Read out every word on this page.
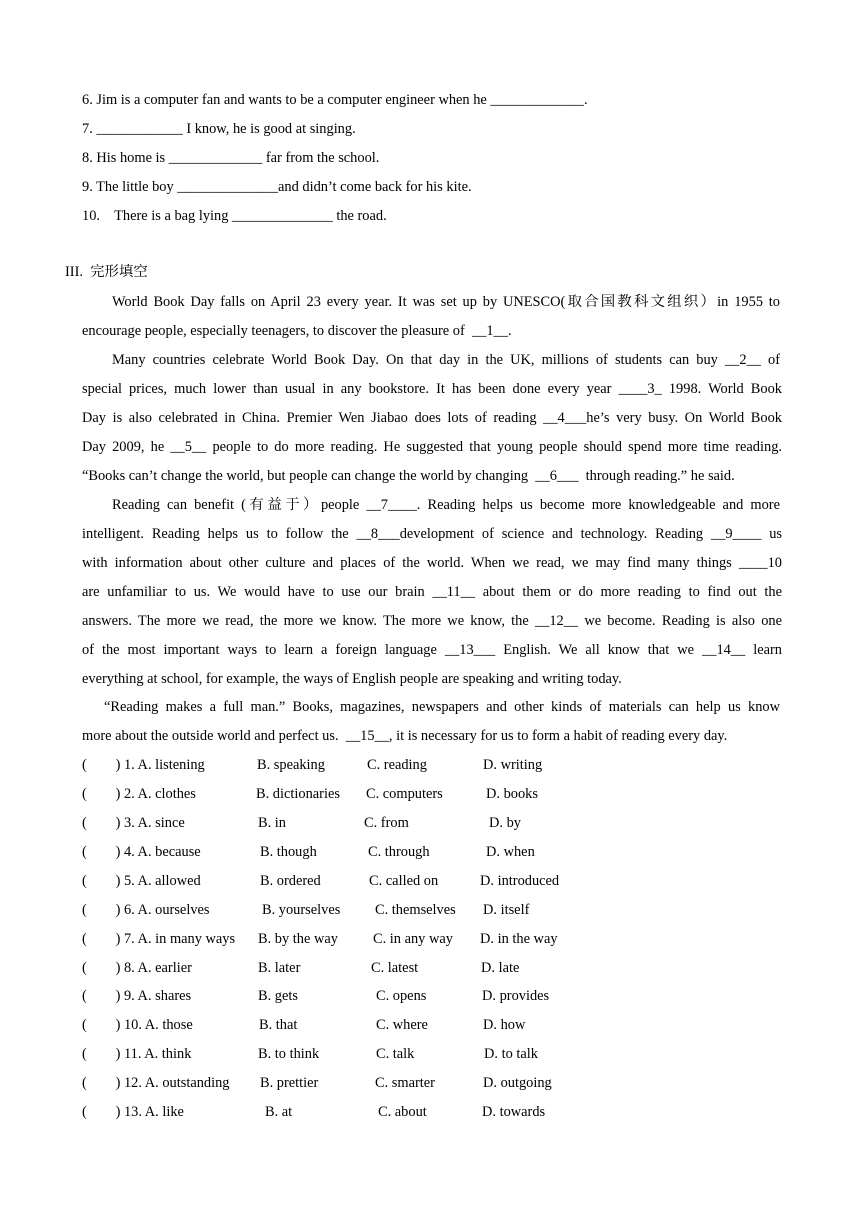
6. Jim is a computer fan and wants to be a computer engineer when he _____________.
7. ____________ I know, he is good at singing.
8. His home is _____________ far from the school.
9. The little boy ______________and didn’t come back for his kite.
10.    There is a bag lying ______________ the road.
III.  完形填空
World Book Day falls on April 23 every year. It was set up by UNESCO(取合国教科文组织）in 1955 to
encourage people, especially teenagers, to discover the pleasure of  __1__.
Many countries celebrate World Book Day. On that day in the UK, millions of students can buy __2__ of
special prices, much lower than usual in any bookstore. It has been done every year ____3_ 1998. World Book
Day is also celebrated in China. Premier Wen Jiabao does lots of reading __4___he’s very busy. On World Book
Day 2009, he __5__ people to do more reading. He suggested that young people should spend more time reading.
“Books can’t change the world, but people can change the world by changing  __6___  through reading.” he said.
Reading can benefit (有益于）people __7____. Reading helps us become more knowledgeable and more
intelligent. Reading helps us to follow the __8___development of science and technology. Reading __9____ us
with information about other culture and places of the world. When we read, we may find many things ____10
are unfamiliar to us. We would have to use our brain __11__ about them or do more reading to find out the
answers. The more we read, the more we know. The more we know, the __12__ we become. Reading is also one
of the most important ways to learn a foreign language __13___ English. We all know that we __14__ learn
everything at school, for example, the ways of English people are speaking and writing today.
“Reading makes a full man.” Books, magazines, newspapers and other kinds of materials can help us know
more about the outside world and perfect us.  __15__, it is necessary for us to form a habit of reading every day.
(        ) 1. A. listening	B. speaking	C. reading	D. writing
(        ) 2. A. clothes	B. dictionaries C. computers	D. books
(        ) 3. A. since	B. in	C. from	D. by
(        ) 4. A. because	B. though	C. through	D. when
(        ) 5. A. allowed	B. ordered	C. called on	D. introduced
(        ) 6. A. ourselves	B. yourselves C. themselves D. itself
(        ) 7. A. in many ways B. by the way C. in any way D. in the way
(        ) 8. A. earlier	B. later	C. latest	D. late
(        ) 9. A. shares	B. gets	C. opens	D. provides
(        ) 10. A. those	B. that	C. where	D. how
(        ) 11. A. think	B. to think	C. talk	D. to talk
(        ) 12. A. outstanding B. prettier	C. smarter	D. outgoing
(        ) 13. A. like	B. at	C. about	D. towards
